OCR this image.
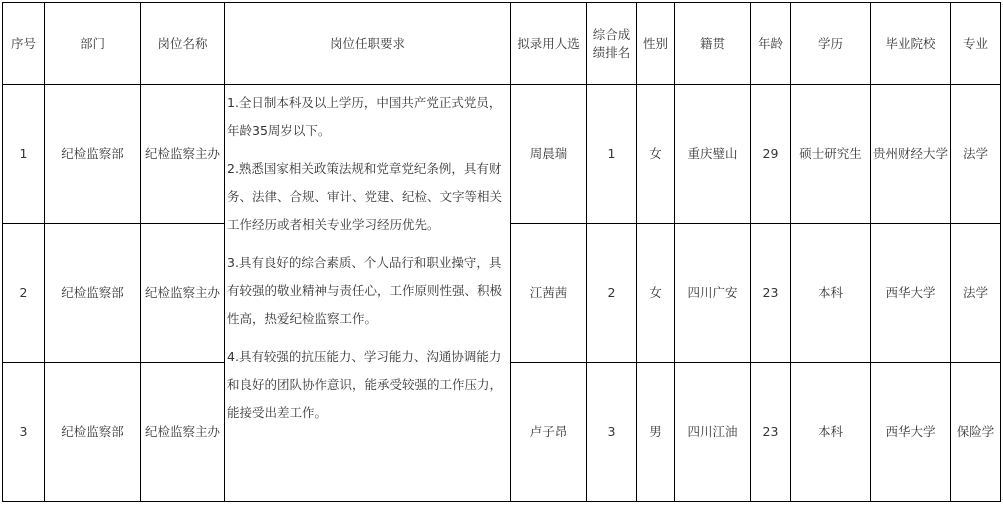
序号	部门	岗位名称	岗位任职要求	拟录用人选	综合成绩排名	性别	籍贯	年龄	学历	毕业院校	专业
1	纪检监察部	纪检监察主办	1.全日制本科及以上学历，中国共产党正式党员，年龄35周岁以下。

2.熟悉国家相关政策法规和党章党纪条例，具有财务、法律、合规、审计、党建、纪检、文字等相关工作经历或者相关专业学习经历优先。

3.具有良好的综合素质、个人品行和职业操守，具有较强的敬业精神与责任心，工作原则性强、积极性高，热爱纪检监察工作。

4.具有较强的抗压能力、学习能力、沟通协调能力和良好的团队协作意识，能承受较强的工作压力，能接受出差工作。	周晨瑞	1	女	重庆璧山	29	硕士研究生	贵州财经大学	法学
2	纪检监察部	纪检监察主办		江茜茜	2	女	四川广安	23	本科	西华大学	法学
3	纪检监察部	纪检监察主办		卢子昂	3	男	四川江油	23	本科	西华大学	保险学
